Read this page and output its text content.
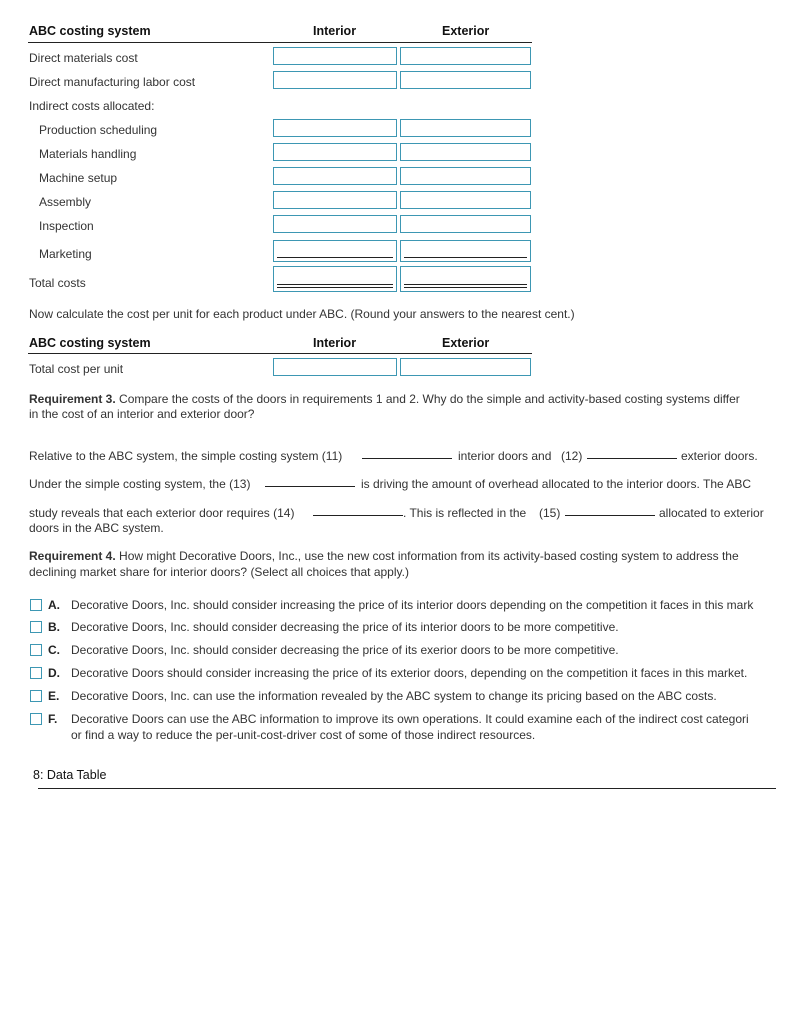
ABC costing system	Interior	Exterior
Direct materials cost
Direct manufacturing labor cost
Indirect costs allocated:
Production scheduling
Materials handling
Machine setup
Assembly
Inspection
Marketing
Total costs
Now calculate the cost per unit for each product under ABC. (Round your answers to the nearest cent.)
ABC costing system	Interior	Exterior
Total cost per unit
Requirement 3. Compare the costs of the doors in requirements 1 and 2. Why do the simple and activity-based costing systems differ
in the cost of an interior and exterior door?
Relative to the ABC system, the simple costing system (11)	interior doors and (12)	exterior doors.
Under the simple costing system, the (13)	is driving the amount of overhead allocated to the interior doors. The ABC
study reveals that each exterior door requires (14)	. This is reflected in the (15)	allocated to exterior
doors in the ABC system.
Requirement 4. How might Decorative Doors, Inc., use the new cost information from its activity-based costing system to address the
declining market share for interior doors? (Select all choices that apply.)
A. Decorative Doors, Inc. should consider increasing the price of its interior doors depending on the competition it faces in this mark
B. Decorative Doors, Inc. should consider decreasing the price of its interior doors to be more competitive.
C. Decorative Doors, Inc. should consider decreasing the price of its exerior doors to be more competitive.
D. Decorative Doors should consider increasing the price of its exterior doors, depending on the competition it faces in this market.
E. Decorative Doors, Inc. can use the information revealed by the ABC system to change its pricing based on the ABC costs.
F. Decorative Doors can use the ABC information to improve its own operations. It could examine each of the indirect cost categori
or find a way to reduce the per-unit-cost-driver cost of some of those indirect resources.
8: Data Table
